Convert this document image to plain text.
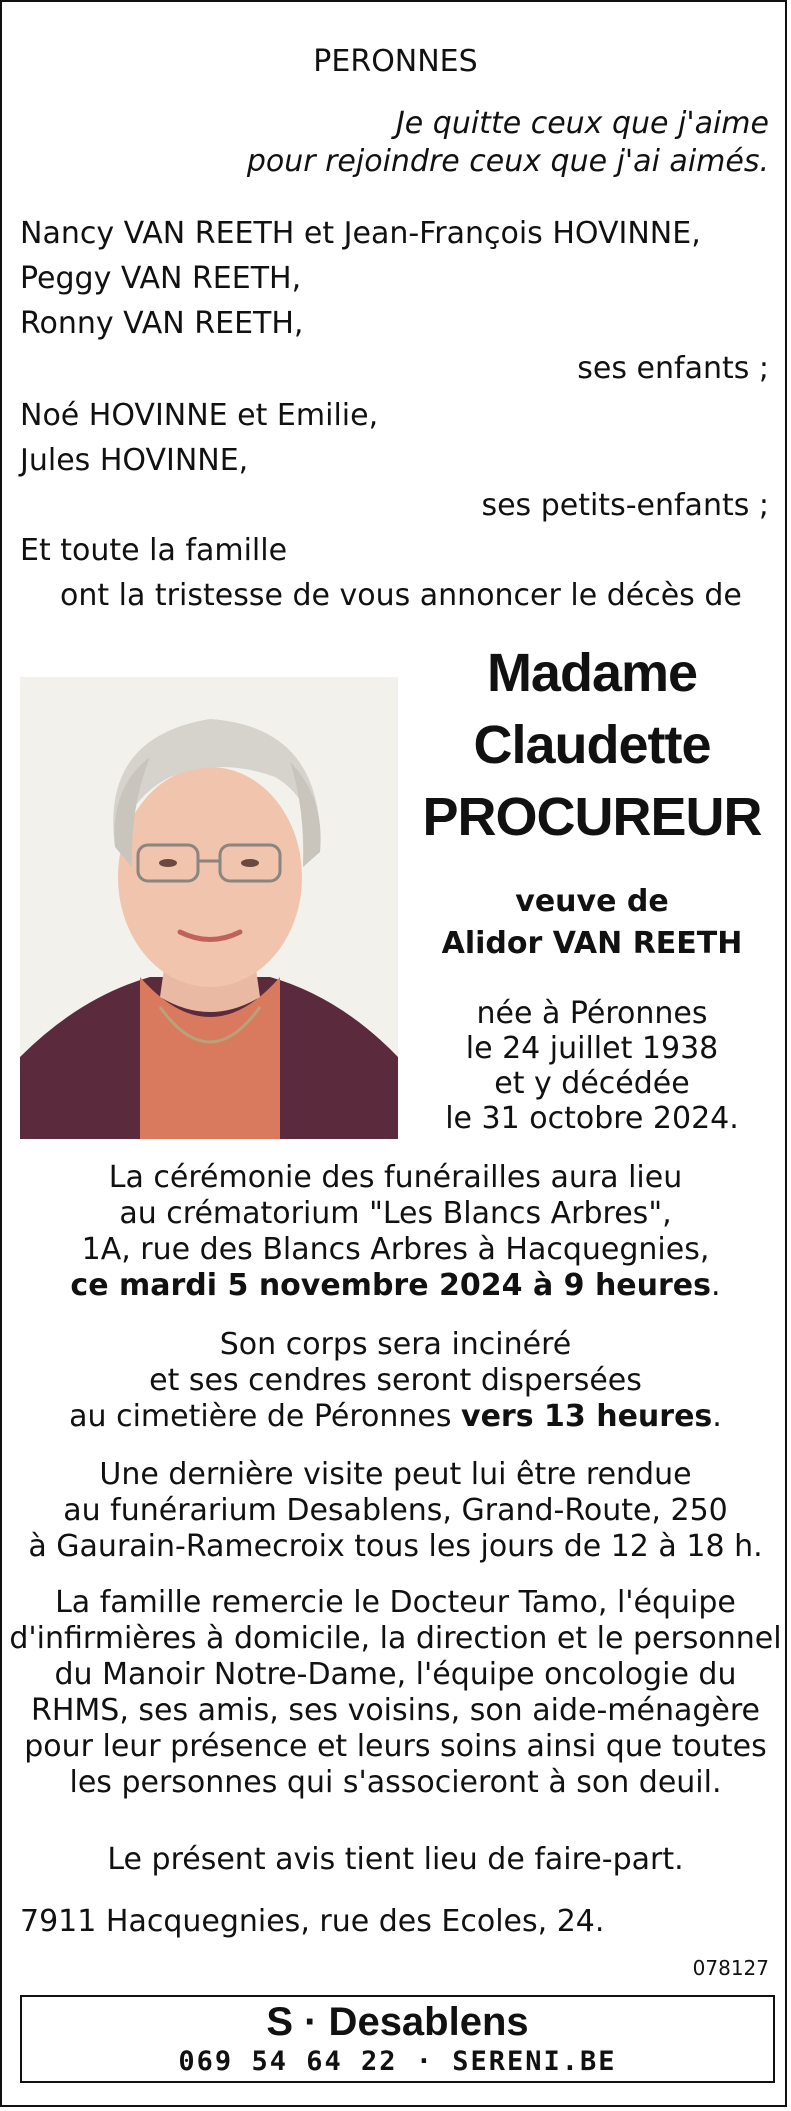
PERONNES
Je quitte ceux que j'aime
pour rejoindre ceux que j'ai aimés.
Nancy VAN REETH et Jean-François HOVINNE,
Peggy VAN REETH,
Ronny VAN REETH,
ses enfants ;
Noé HOVINNE et Emilie,
Jules HOVINNE,
ses petits-enfants ;
Et toute la famille
ont la tristesse de vous annoncer le décès de
Madame
Claudette
PROCUREUR
veuve de
Alidor VAN REETH
née à Péronnes
le 24 juillet 1938
et y décédée
le 31 octobre 2024.
La cérémonie des funérailles aura lieu
au crématorium "Les Blancs Arbres",
1A, rue des Blancs Arbres à Hacquegnies,
ce mardi 5 novembre 2024 à 9 heures.
Son corps sera incinéré
et ses cendres seront dispersées
au cimetière de Péronnes vers 13 heures.
Une dernière visite peut lui être rendue
au funérarium Desablens, Grand-Route, 250
à Gaurain-Ramecroix tous les jours de 12 à 18 h.
La famille remercie le Docteur Tamo, l'équipe
d'infirmières à domicile, la direction et le personnel
du Manoir Notre-Dame, l'équipe oncologie du
RHMS, ses amis, ses voisins, son aide-ménagère
pour leur présence et leurs soins ainsi que toutes
les personnes qui s'associeront à son deuil.
Le présent avis tient lieu de faire-part.
7911 Hacquegnies, rue des Ecoles, 24.
078127
S · Desablens
069 54 64 22 · SERENI.BE
